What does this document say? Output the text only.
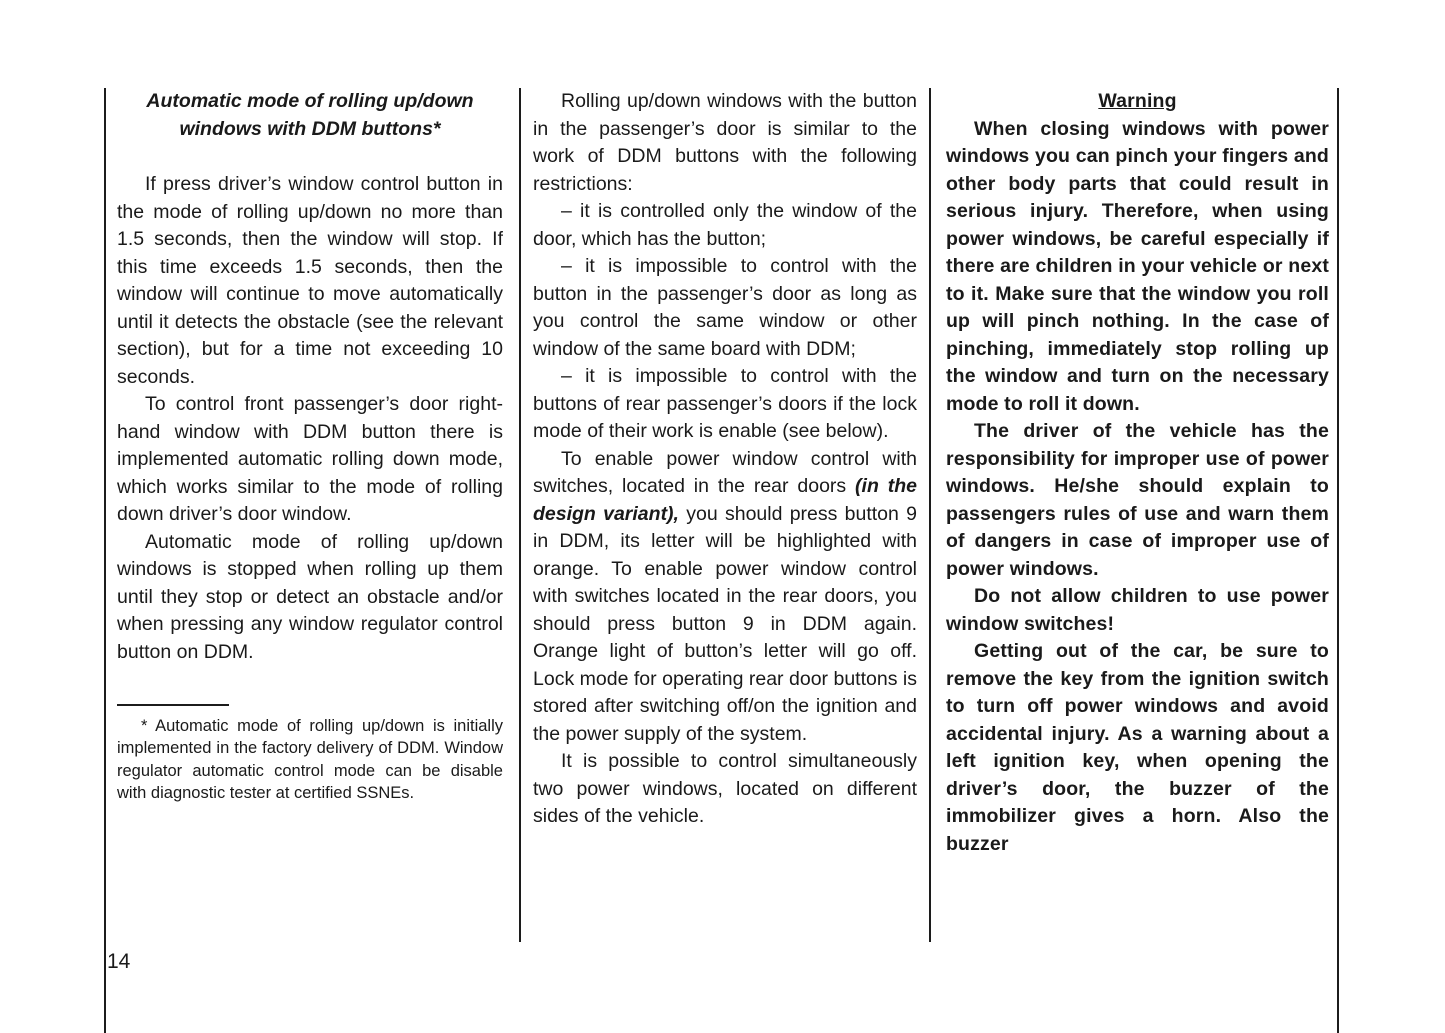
Automatic mode of rolling up/down windows with DDM buttons*

If press driver’s window control button in the mode of rolling up/down no more than 1.5 seconds, then the window will stop. If this time exceeds 1.5 seconds, then the window will continue to move automatically until it detects the obstacle (see the relevant section), but for a time not exceeding 10 seconds.

To control front passenger’s door right-hand window with DDM button there is implemented automatic rolling down mode, which works similar to the mode of rolling down driver’s door window.

Automatic mode of rolling up/down windows is stopped when rolling up them until they stop or detect an obstacle and/or when pressing any window regulator control button on DDM.

* Automatic mode of rolling up/down is initially implemented in the factory delivery of DDM. Window regulator automatic control mode can be disable with diagnostic tester at certified SSNEs.

Rolling up/down windows with the button in the passenger’s door is similar to the work of DDM buttons with the following restrictions:

– it is controlled only the window of the door, which has the button;

– it is impossible to control with the button in the passenger’s door as long as you control the same window or other window of the same board with DDM;

– it is impossible to control with the buttons of rear passenger’s doors if the lock mode of their work is enable (see below).

To enable power window control with switches, located in the rear doors (in the design variant), you should press button 9 in DDM, its letter will be highlighted with orange. To enable power window control with switches located in the rear doors, you should press button 9 in DDM again. Orange light of button’s letter will go off. Lock mode for operating rear door buttons is stored after switching off/on the ignition and the power supply of the system.

It is possible to control simultaneously two power windows, located on different sides of the vehicle.

Warning

When closing windows with power windows you can pinch your fingers and other body parts that could result in serious injury. Therefore, when using power windows, be careful especially if there are children in your vehicle or next to it. Make sure that the window you roll up will pinch nothing. In the case of pinching, immediately stop rolling up the window and turn on the necessary mode to roll it down.

The driver of the vehicle has the responsibility for improper use of power windows. He/she should explain to passengers rules of use and warn them of dangers in case of improper use of power windows.

Do not allow children to use power window switches!

Getting out of the car, be sure to remove the key from the ignition switch to turn off power windows and avoid accidental injury. As a warning about a left ignition key, when opening the driver’s door, the buzzer of the immobilizer gives a horn. Also the buzzer

14
